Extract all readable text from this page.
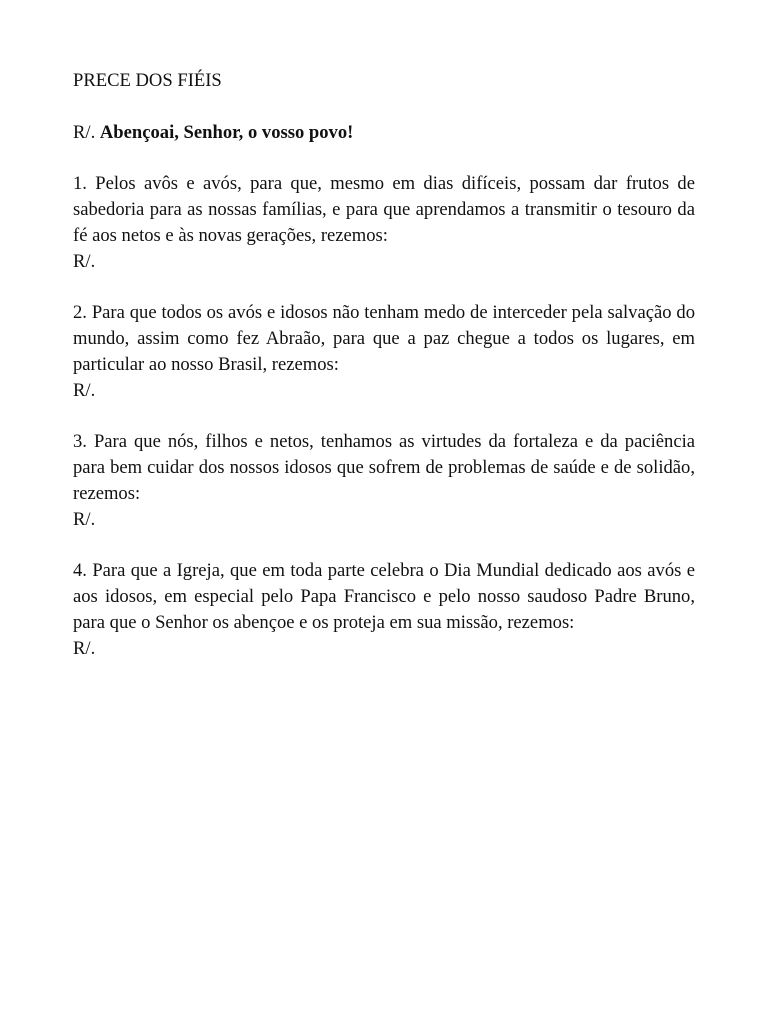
PRECE DOS FIÉIS
R/. Abençoai, Senhor, o vosso povo!

1. Pelos avôs e avós, para que, mesmo em dias difíceis, possam dar frutos de sabedoria para as nossas famílias, e para que aprendamos a transmitir o tesouro da fé aos netos e às novas gerações, rezemos:

R/.

2. Para que todos os avós e idosos não tenham medo de interceder pela salvação do mundo, assim como fez Abraão, para que a paz chegue a todos os lugares, em particular ao nosso Brasil, rezemos:

R/.

3. Para que nós, filhos e netos, tenhamos as virtudes da fortaleza e da paciência para bem cuidar dos nossos idosos que sofrem de problemas de saúde e de solidão, rezemos:

R/.

4. Para que a Igreja, que em toda parte celebra o Dia Mundial dedicado aos avós e aos idosos, em especial pelo Papa Francisco e pelo nosso saudoso Padre Bruno, para que o Senhor os abençoe e os proteja em sua missão, rezemos:

R/.
